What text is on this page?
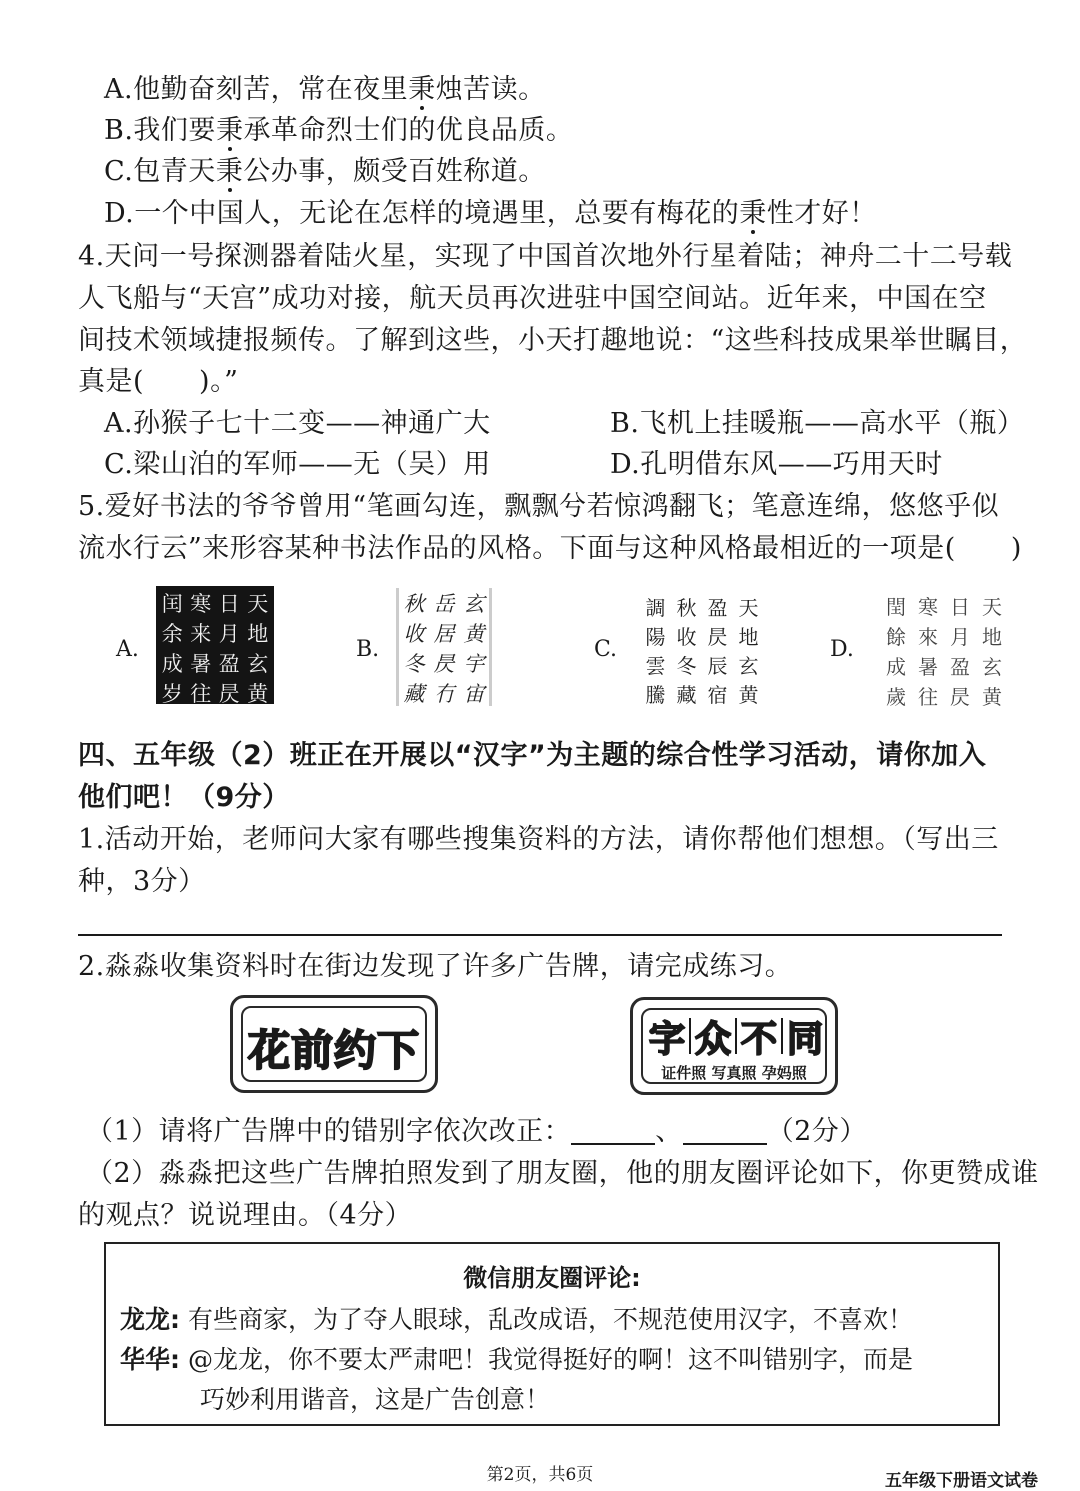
A.他勤奋刻苦，常在夜里秉烛苦读。
B.我们要秉承革命烈士们的优良品质。
C.包青天秉公办事，颇受百姓称道。
D.一个中国人，无论在怎样的境遇里，总要有梅花的秉性才好！
4.天问一号探测器着陆火星，实现了中国首次地外行星着陆；神舟二十二号载
人飞船与“天宫”成功对接，航天员再次进驻中国空间站。近年来，中国在空
间技术领域捷报频传。了解到这些，小天打趣地说：“这些科技成果举世瞩目，
真是(　　)。”
A.孙猴子七十二变——神通广大	B.飞机上挂暖瓶——高水平（瓶）
C.梁山泊的军师——无（吴）用	D.孔明借东风——巧用天时
5.爱好书法的爷爷曾用“笔画勾连，飘飘兮若惊鸿翻飞；笔意连绵，悠悠乎似
流水行云”来形容某种书法作品的风格。下面与这种风格最相近的一项是(　　)
A.
闰 寒 日 天
余 来 月 地
成 暑 盈 玄
岁 往 昃 黄
B.
秋 岳 玄
收 居 黄
冬 昃 宇
藏 冇 宙
C.
調 秋 盈 天
陽 收 昃 地
雲 冬 辰 玄
騰 藏 宿 黄
D.
閏 寒 日 天
餘 來 月 地
成 暑 盈 玄
歲 往 昃 黄
四、五年级（2）班正在开展以“汉字”为主题的综合性学习活动，请你加入
他们吧！（9分）
1.活动开始，老师问大家有哪些搜集资料的方法，请你帮他们想想。（写出三
种，3分）
2.淼淼收集资料时在街边发现了许多广告牌，请完成练习。
花前约下	字 众 不 同
证件照 写真照 孕妈照
（1）请将广告牌中的错别字依次改正：	、	（2分）
（2）淼淼把这些广告牌拍照发到了朋友圈，他的朋友圈评论如下，你更赞成谁
的观点？说说理由。（4分）
微信朋友圈评论:
龙龙: 有些商家，为了夺人眼球，乱改成语，不规范使用汉字，不喜欢！
华华: @龙龙，你不要太严肃吧！我觉得挺好的啊！这不叫错别字，而是
巧妙利用谐音，这是广告创意！
第2页，共6页	五年级下册语文试卷
